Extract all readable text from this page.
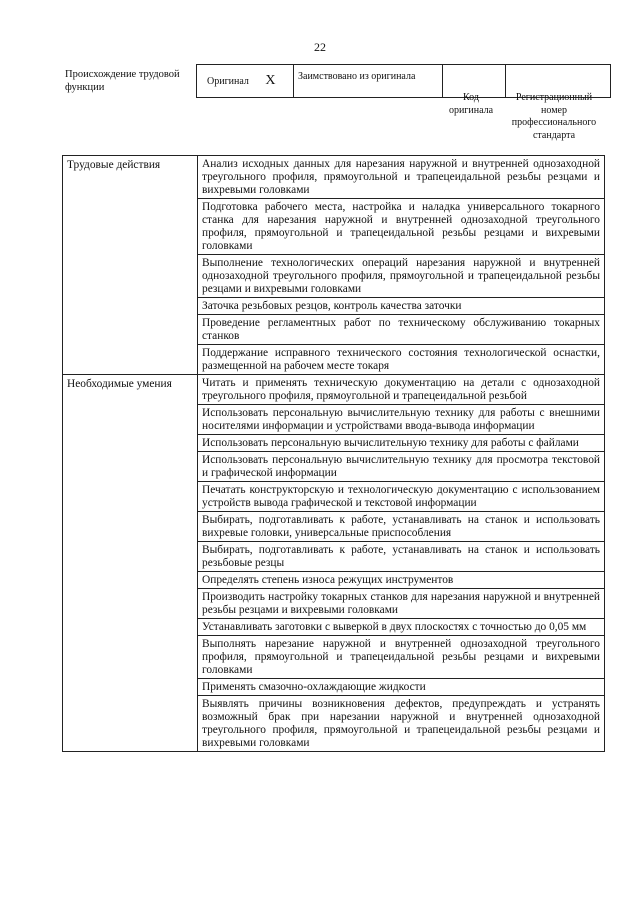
22
Происхождение трудовой функции
Оригинал X	Заимствовано из оригинала		
Код оригинала
Регистрационный номер профессионального стандарта
Трудовые действия	Анализ исходных данных для нарезания наружной и внутренней однозаходной треугольного профиля, прямоугольной и трапецеидальной резьбы резцами и вихревыми головками
	Подготовка рабочего места, настройка и наладка универсального токарного станка для нарезания наружной и внутренней однозаходной треугольного профиля, прямоугольной и трапецеидальной резьбы резцами и вихревыми головками
	Выполнение технологических операций нарезания наружной и внутренней однозаходной треугольного профиля, прямоугольной и трапецеидальной резьбы резцами и вихревыми головками
	Заточка резьбовых резцов, контроль качества заточки
	Проведение регламентных работ по техническому обслуживанию токарных станков
	Поддержание исправного технического состояния технологической оснастки, размещенной на рабочем месте токаря
Необходимые умения	Читать и применять техническую документацию на детали с однозаходной треугольного профиля, прямоугольной и трапецеидальной резьбой
	Использовать персональную вычислительную технику для работы с внешними носителями информации и устройствами ввода-вывода информации
	Использовать персональную вычислительную технику для работы с файлами
	Использовать персональную вычислительную технику для просмотра текстовой и графической информации
	Печатать конструкторскую и технологическую документацию с использованием устройств вывода графической и текстовой информации
	Выбирать, подготавливать к работе, устанавливать на станок и использовать вихревые головки, универсальные приспособления
	Выбирать, подготавливать к работе, устанавливать на станок и использовать резьбовые резцы
	Определять степень износа режущих инструментов
	Производить настройку токарных станков для нарезания наружной и внутренней резьбы резцами и вихревыми головками
	Устанавливать заготовки с выверкой в двух плоскостях с точностью до 0,05 мм
	Выполнять нарезание наружной и внутренней однозаходной треугольного профиля, прямоугольной и трапецеидальной резьбы резцами и вихревыми головками
	Применять смазочно-охлаждающие жидкости
	Выявлять причины возникновения дефектов, предупреждать и устранять возможный брак при нарезании наружной и внутренней однозаходной треугольного профиля, прямоугольной и трапецеидальной резьбы резцами и вихревыми головками
